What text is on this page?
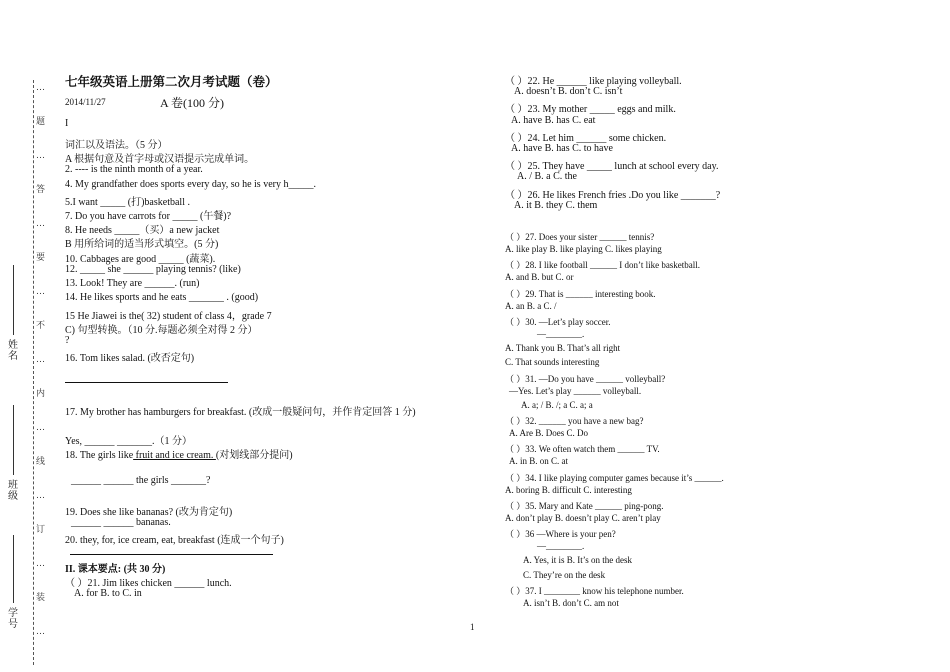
…
题
…
答
…
要
…
不
…
内
…
线
…
订
…
装
…
姓名
班级
学号
七年级英语上册第二次月考试题（卷）
2014/11/27	A 卷(100 分)
I
词汇以及语法。（5 分）
A 根据句意及首字母或汉语提示完成单词。
2. ---- is the ninth month of a year.
4. My grandfather does sports every day, so he is very h_____.
5.I want _____ (打)basketball .
7. Do you have carrots for _____ (午餐)?
8. He needs _____（买）a new jacket
B 用所给词的适当形式填空。(5 分)
10. Cabbages are good _____ (蔬菜).
12. _____ she ______ playing tennis? (like)
13. Look! They are ______. (run)
14. He likes sports and he eats _______ . (good)
15 He Jiawei is the( 32) student of class 4，grade 7
C) 句型转换。（10 分.每题必须全对得 2 分）
?
16. Tom likes salad. (改否定句)
17. My brother has hamburgers for breakfast. (改成一般疑问句，并作肯定回答 1 分)
Yes, ______ _______.（1 分）
18. The girls like fruit and ice cream. (对划线部分提问)
______ ______ the girls _______?
19. Does she like bananas? (改为肯定句)
______ ______ bananas.
20. they, for, ice cream, eat, breakfast (连成一个句子)
II. 课本要点: (共 30 分)
（ ）21. Jim likes chicken ______ lunch.
A. for B. to C. in
（ ）22. He ______ like playing volleyball.
A. doesn’t B. don’t C. isn’t
（ ）23. My mother _____ eggs and milk.
A. have B. has C. eat
（ ）24. Let him ______ some chicken.
A. have B. has C. to have
（ ）25. They have _____ lunch at school every day.
A. / B. a C. the
（ ）26. He likes French fries .Do you like _______?
A. it B. they C. them
（ ）27. Does your sister ______ tennis?
A. like play B. like playing C. likes playing
（ ）28. I like football ______ I don’t like basketball.
A. and B. but C. or
（ ）29. That is ______ interesting book.
A. an B. a C. /
（ ）30. —Let’s play soccer.
—________.
A. Thank you B. That’s all right
C. That sounds interesting
（ ）31. —Do you have ______ volleyball?
—Yes. Let’s play ______ volleyball.
A. a; / B. /; a C. a; a
（ ）32. ______ you have a new bag?
A. Are B. Does C. Do
（ ）33. We often watch them ______ TV.
A. in B. on C. at
（ ）34. I like playing computer games because it’s ______.
A. boring B. difficult C. interesting
（ ）35. Mary and Kate ______ ping-pong.
A. don’t play B. doesn’t play C. aren’t play
（ ）36 —Where is your pen?
—________.
A. Yes, it is B. It’s on the desk
C. They’re on the desk
（ ）37. I ________ know his telephone number.
A. isn’t B. don’t C. am not
1
